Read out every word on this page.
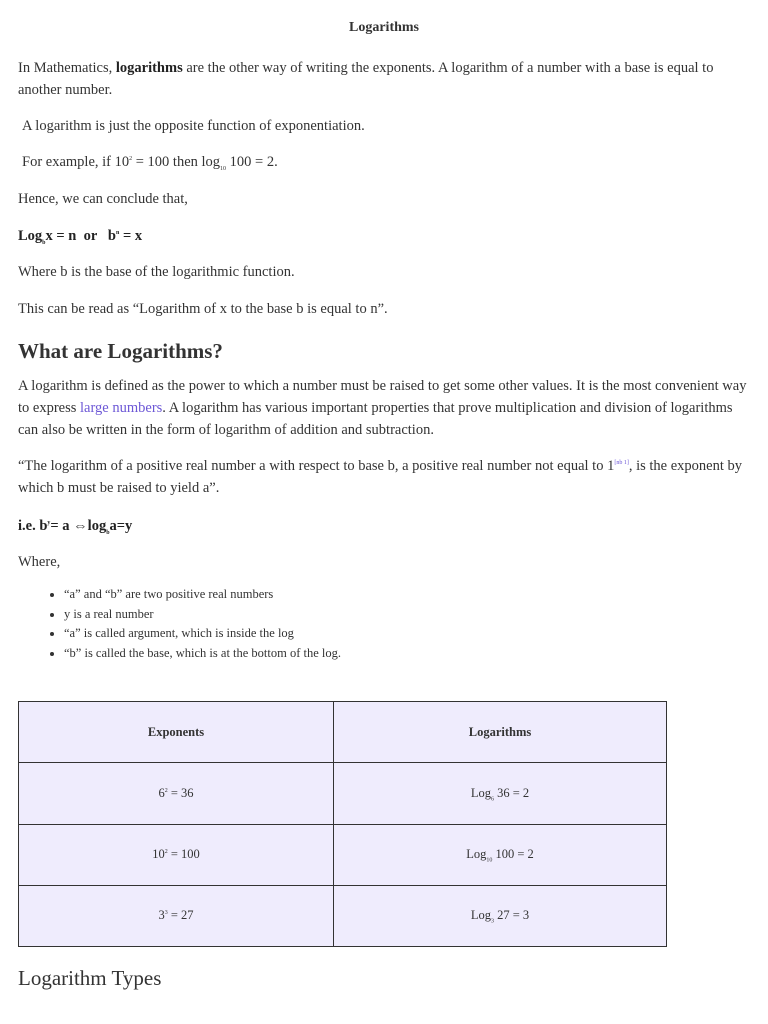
Logarithms
In Mathematics, logarithms are the other way of writing the exponents. A logarithm of a number with a base is equal to another number.
A logarithm is just the opposite function of exponentiation.
For example, if $10^2 = 100$ then $\log_{10} 100 = 2$.
Hence, we can conclude that,
Log$_b$x = n  or   $b^n = x$
Where b is the base of the logarithmic function.
This can be read as “Logarithm of x to the base b is equal to n”.
What are Logarithms?
A logarithm is defined as the power to which a number must be raised to get some other values. It is the most convenient way to express large numbers. A logarithm has various important properties that prove multiplication and division of logarithms can also be written in the form of logarithm of addition and subtraction.
“The logarithm of a positive real number a with respect to base b, a positive real number not equal to 1[nb 1], is the exponent by which b must be raised to yield a”.
i.e. $b^y= a$ $\Leftrightarrow\log_ba=y$
Where,
• “a” and “b” are two positive real numbers
• y is a real number
• “a” is called argument, which is inside the log
• “b” is called the base, which is at the bottom of the log.
Exponents	Logarithms
$6^2 = 36$	Log$_6$ 36 = 2
$10^2 = 100$	Log$_{10}$ 100 = 2
$3^3 = 27$	Log$_3$ 27 = 3
Logarithm Types
